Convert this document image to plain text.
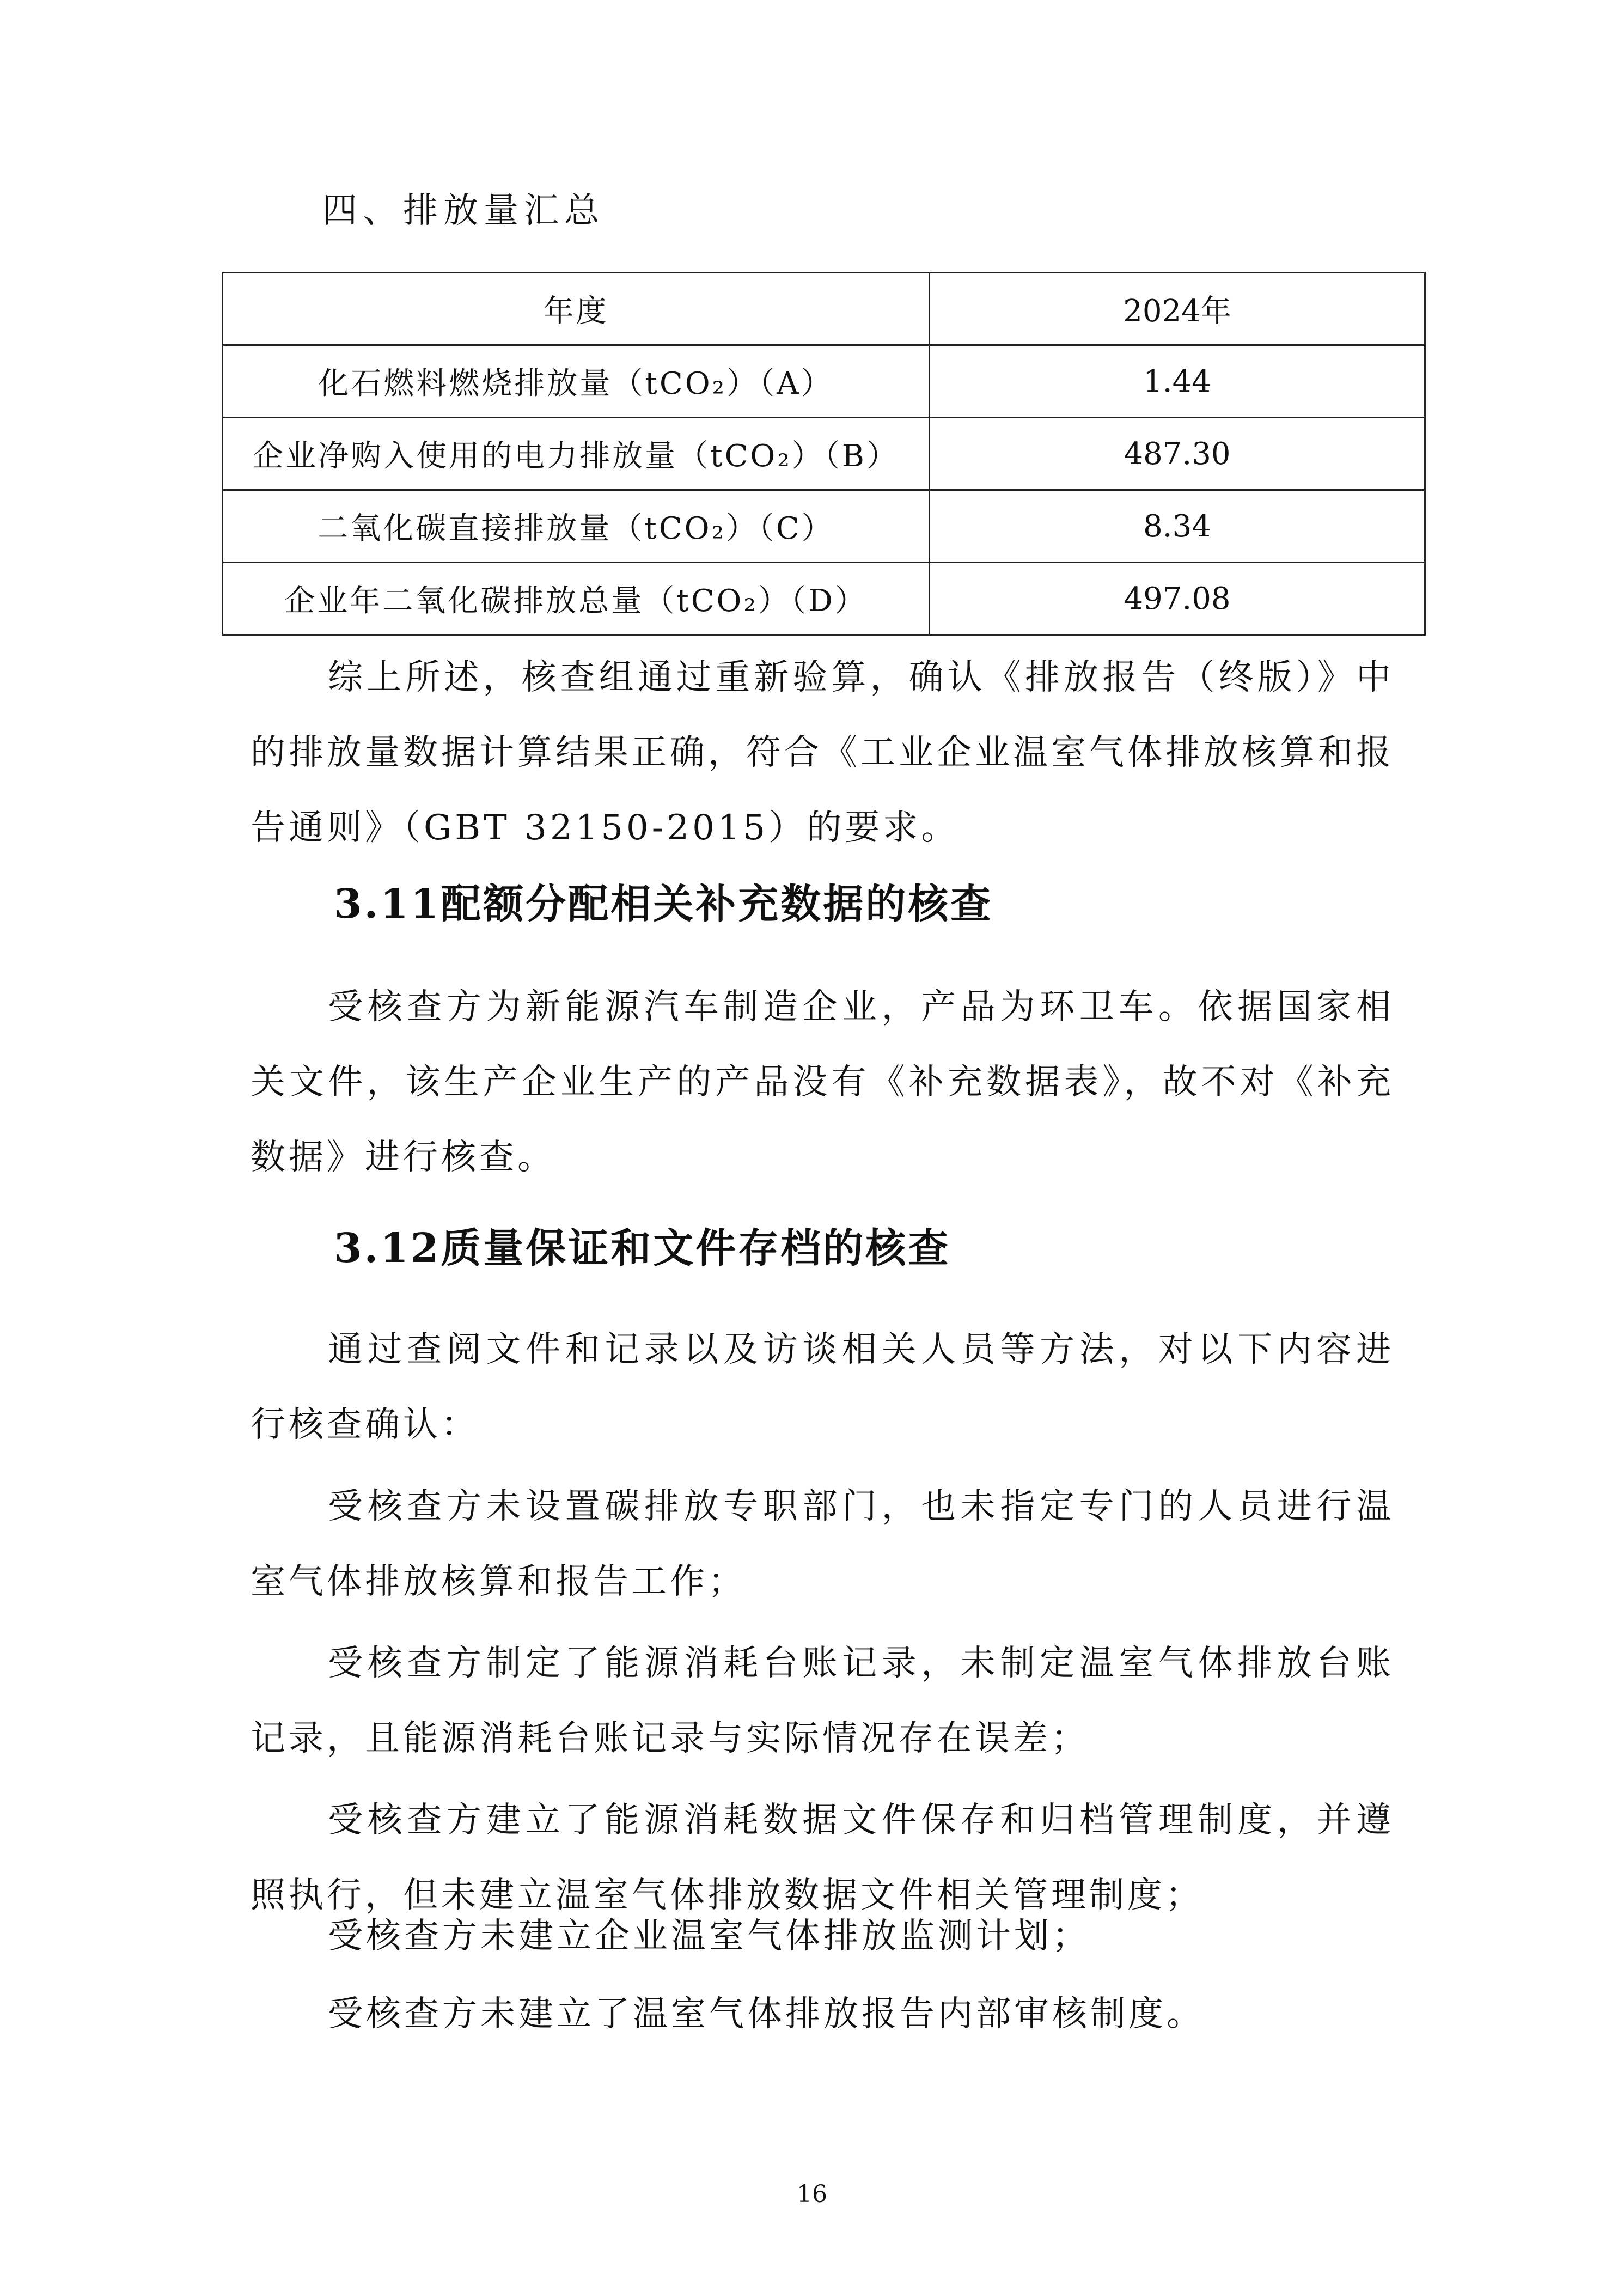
四、排放量汇总
年度	2024年
化石燃料燃烧排放量（tCO₂）（A）	1.44
企业净购入使用的电力排放量（tCO₂）（B）	487.30
二氧化碳直接排放量（tCO₂）（C）	8.34
企业年二氧化碳排放总量（tCO₂）（D）	497.08

综上所述，核查组通过重新验算，确认《排放报告（终版）》中的排放量数据计算结果正确，符合《工业企业温室气体排放核算和报告通则》（GBT 32150-2015）的要求。

3.11配额分配相关补充数据的核查

受核查方为新能源汽车制造企业，产品为环卫车。依据国家相关文件，该生产企业生产的产品没有《补充数据表》，故不对《补充数据》进行核查。

3.12质量保证和文件存档的核查

通过查阅文件和记录以及访谈相关人员等方法，对以下内容进行核查确认：

受核查方未设置碳排放专职部门，也未指定专门的人员进行温室气体排放核算和报告工作；

受核查方制定了能源消耗台账记录，未制定温室气体排放台账记录，且能源消耗台账记录与实际情况存在误差；

受核查方建立了能源消耗数据文件保存和归档管理制度，并遵照执行，但未建立温室气体排放数据文件相关管理制度；

受核查方未建立企业温室气体排放监测计划；

受核查方未建立了温室气体排放报告内部审核制度。

16
